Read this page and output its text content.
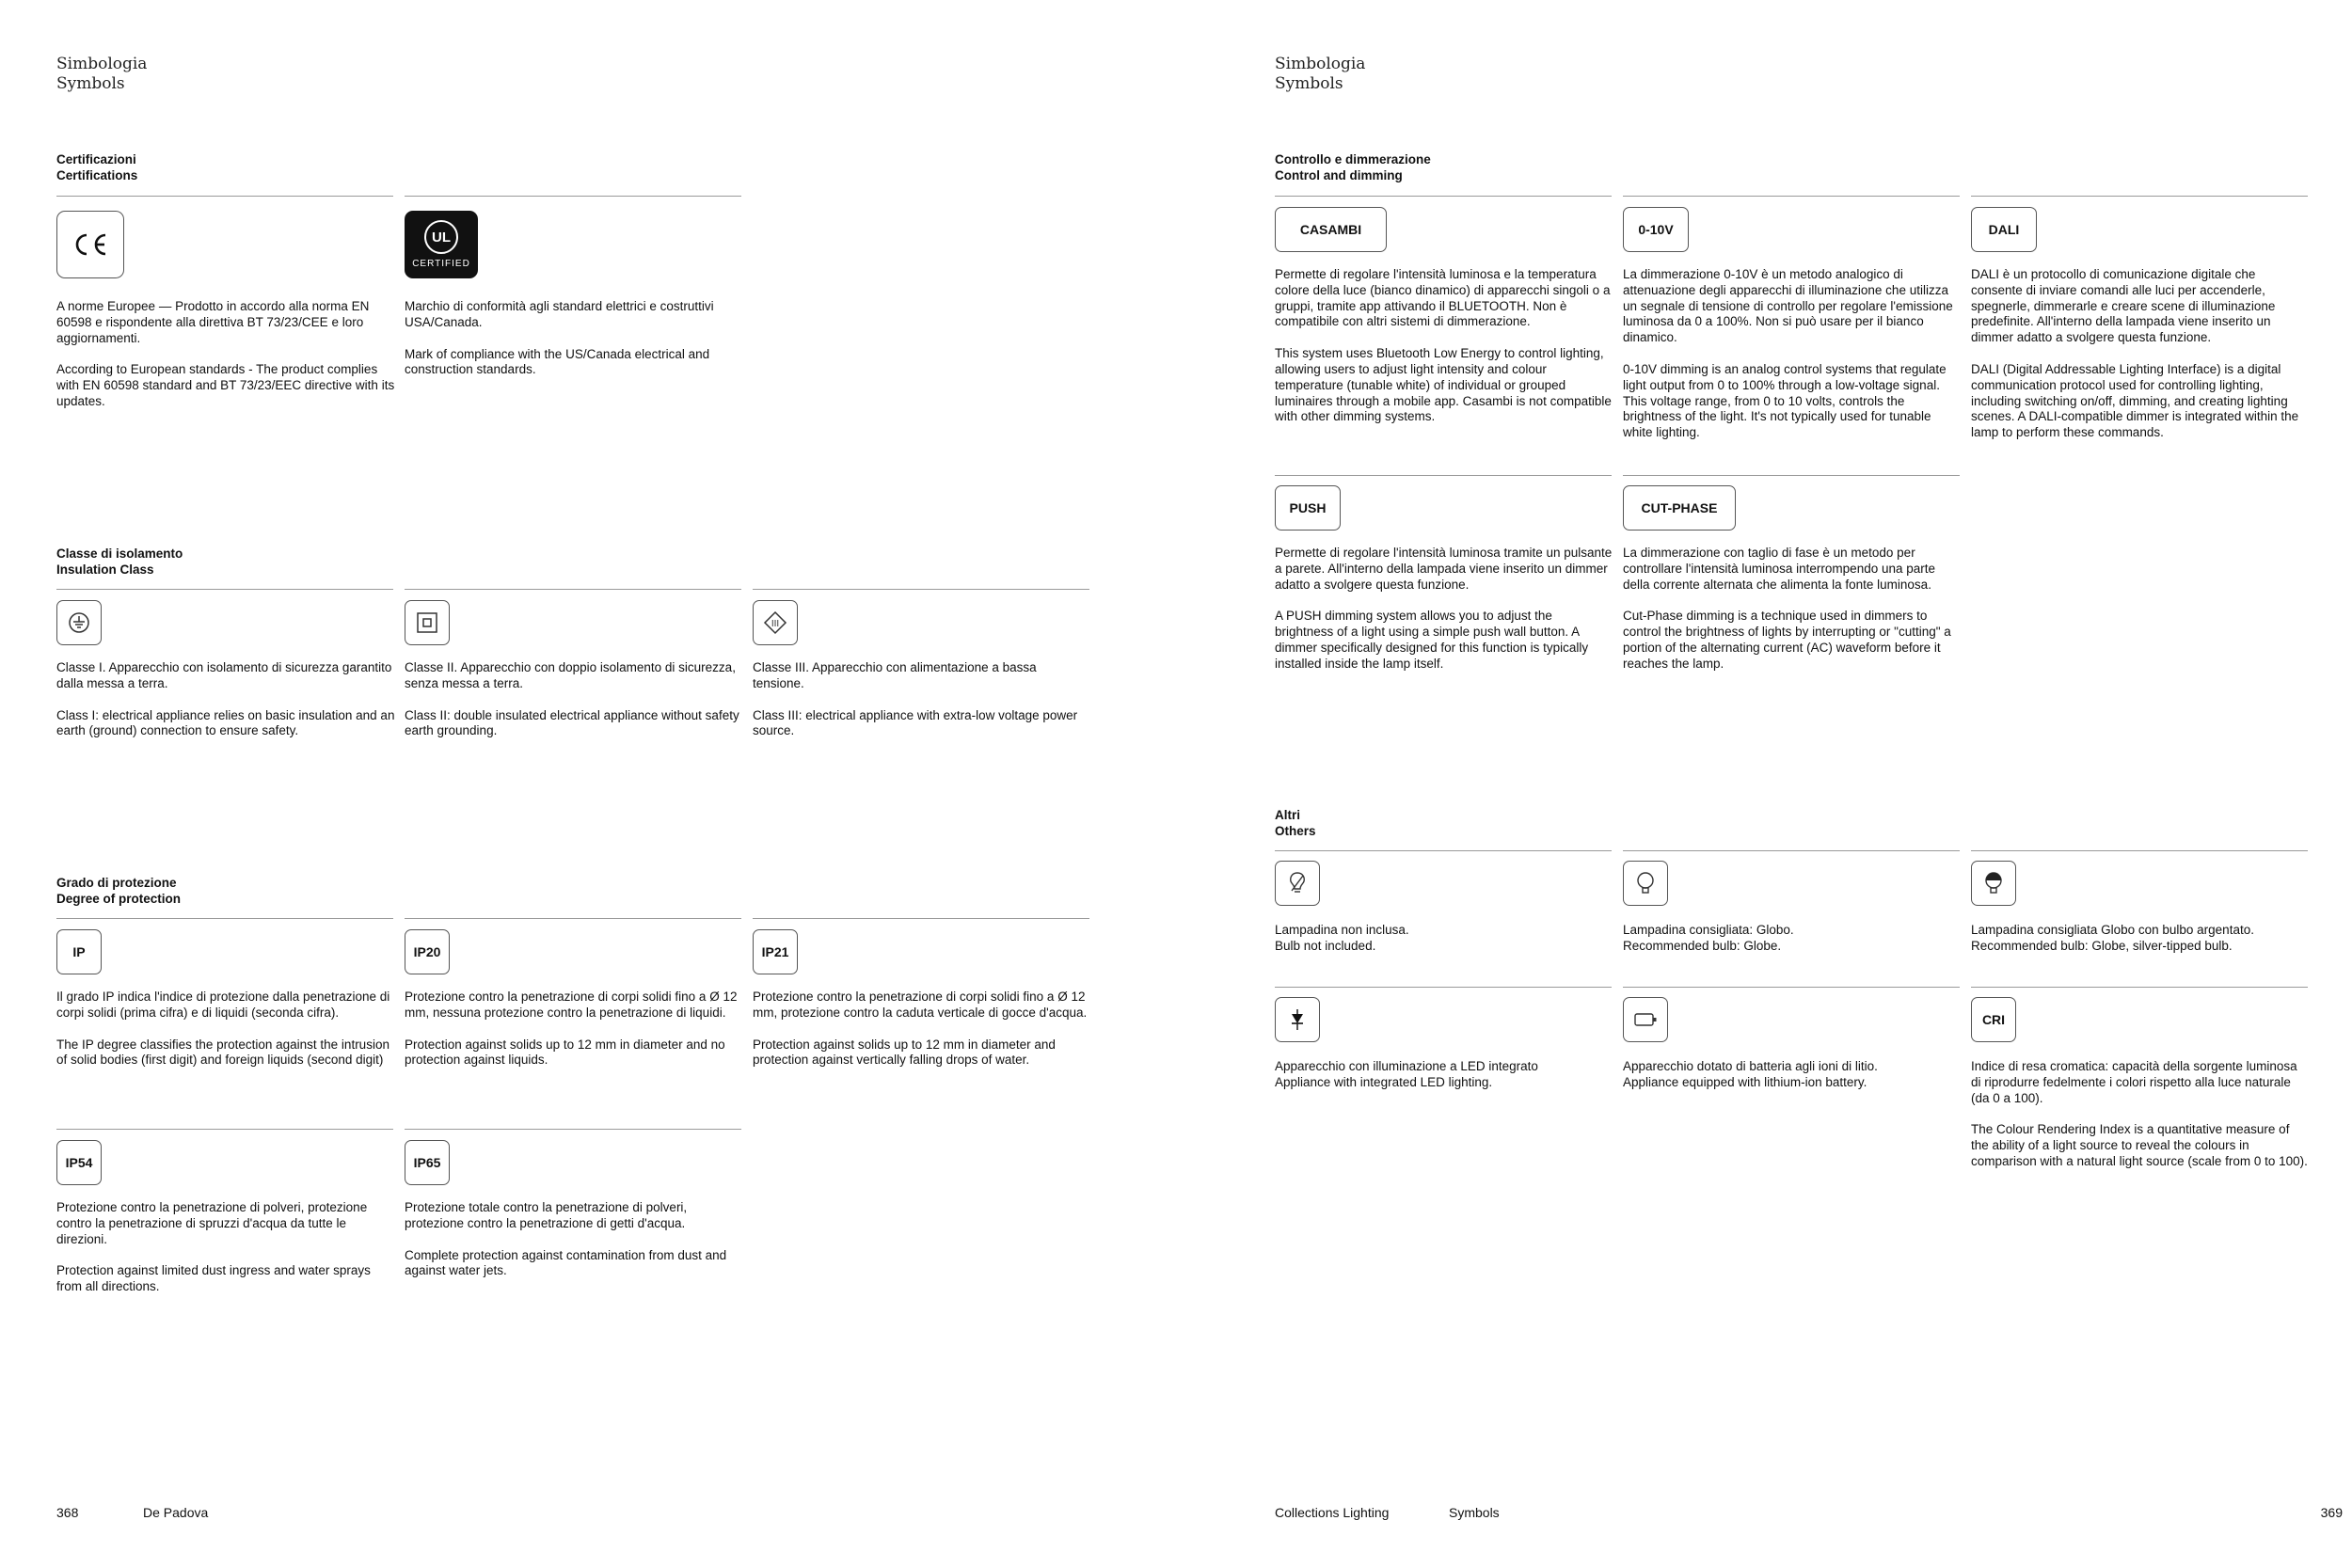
Simbologia
Symbols
Certificazioni
Certifications

A norme Europee — Prodotto in accordo alla norma EN 60598 e rispondente alla direttiva BT 73/23/CEE e loro aggiornamenti.

According to European standards - The product complies with EN 60598 standard and BT 73/23/EEC directive with its updates.

UL
CERTIFIED

Marchio di conformità agli standard elettrici e costruttivi USA/Canada.

Mark of compliance with the US/Canada electrical and construction standards.

Classe di isolamento
Insulation Class

Classe I. Apparecchio con isolamento di sicurezza garantito dalla messa a terra.

Class I: electrical appliance relies on basic insulation and an earth (ground) connection to ensure safety.

Classe II. Apparecchio con doppio isolamento di sicurezza, senza messa a terra.

Class II: double insulated electrical appliance without safety earth grounding.

III

Classe III. Apparecchio con alimentazione a bassa tensione.

Class III: electrical appliance with extra-low voltage power source.

Grado di protezione
Degree of protection
IP

Il grado IP indica l'indice di protezione dalla penetrazione di corpi solidi (prima cifra) e di liquidi (seconda cifra).

The IP degree classifies the protection against the intrusion of solid bodies (first digit) and foreign liquids (second digit)

IP20

Protezione contro la penetrazione di corpi solidi fino a Ø 12 mm, nessuna protezione contro la penetrazione di liquidi.

Protection against solids up to 12 mm in diameter and no protection against liquids.

IP21

Protezione contro la penetrazione di corpi solidi fino a Ø 12 mm, protezione contro la caduta verticale di gocce d'acqua.

Protection against solids up to 12 mm in diameter and protection against vertically falling drops of water.

IP54

Protezione contro la penetrazione di polveri, protezione contro la penetrazione di spruzzi d'acqua da tutte le direzioni.

Protection against limited dust ingress and water sprays from all directions.

IP65

Protezione totale contro la penetrazione di polveri, protezione contro la penetrazione di getti d'acqua.

Complete protection against contamination from dust and against water jets.

368	De Padova
Simbologia
Symbols
Controllo e dimmerazione
Control and dimming
CASAMBI

Permette di regolare l'intensità luminosa e la temperatura colore della luce (bianco dinamico) di apparecchi singoli o a gruppi, tramite app attivando il BLUETOOTH. Non è compatibile con altri sistemi di dimmerazione.

This system uses Bluetooth Low Energy to control lighting, allowing users to adjust light intensity and colour temperature (tunable white) of individual or grouped luminaires through a mobile app. Casambi is not compatible with other dimming systems.

0-10V

La dimmerazione 0-10V è un metodo analogico di attenuazione degli apparecchi di illuminazione che utilizza un segnale di tensione di controllo per regolare l'emissione luminosa da 0 a 100%. Non si può usare per il bianco dinamico.

0-10V dimming is an analog control systems that regulate light output from 0 to 100% through a low-voltage signal. This voltage range, from 0 to 10 volts, controls the brightness of the light. It's not typically used for tunable white lighting.

DALI

DALI è un protocollo di comunicazione digitale che consente di inviare comandi alle luci per accenderle, spegnerle, dimmerarle e creare scene di illuminazione predefinite. All'interno della lampada viene inserito un dimmer adatto a svolgere questa funzione.

DALI (Digital Addressable Lighting Interface) is a digital communication protocol used for controlling lighting, including switching on/off, dimming, and creating lighting scenes. A DALI-compatible dimmer is integrated within the lamp to perform these commands.

PUSH

Permette di regolare l'intensità luminosa tramite un pulsante a parete. All'interno della lampada viene inserito un dimmer adatto a svolgere questa funzione.

A PUSH dimming system allows you to adjust the brightness of a light using a simple push wall button. A dimmer specifically designed for this function is typically installed inside the lamp itself.

CUT-PHASE

La dimmerazione con taglio di fase è un metodo per controllare l'intensità luminosa interrompendo una parte della corrente alternata che alimenta la fonte luminosa.

Cut-Phase dimming is a technique used in dimmers to control the brightness of lights by interrupting or "cutting" a portion of the alternating current (AC) waveform before it reaches the lamp.

Altri
Others
Lampadina non inclusa.
Bulb not included.
Lampadina consigliata: Globo.
Recommended bulb: Globe.
Lampadina consigliata Globo con bulbo argentato.
Recommended bulb: Globe, silver-tipped bulb.
Apparecchio con illuminazione a LED integrato
Appliance with integrated LED lighting.
Apparecchio dotato di batteria agli ioni di litio.
Appliance equipped with lithium-ion battery.
CRI

Indice di resa cromatica: capacità della sorgente luminosa di riprodurre fedelmente i colori rispetto alla luce naturale (da 0 a 100).

The Colour Rendering Index is a quantitative measure of the ability of a light source to reveal the colours in comparison with a natural light source (scale from 0 to 100).

Collections Lighting	Symbols	369
